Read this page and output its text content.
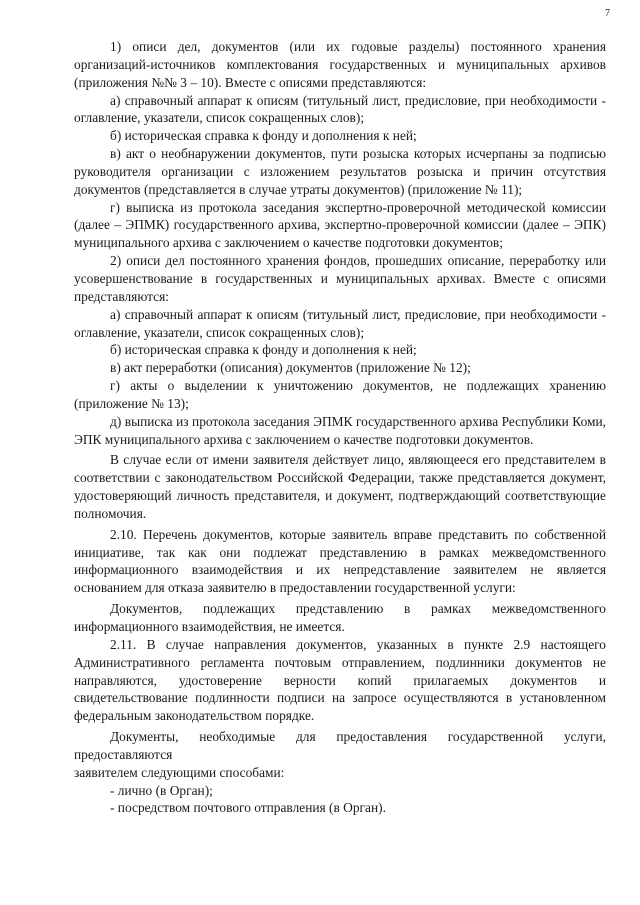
7

1) описи дел, документов (или их годовые разделы) постоянного хранения организаций-источников комплектования государственных и муниципальных архивов (приложения №№ 3 – 10). Вместе с описями представляются:

а) справочный аппарат к описям (титульный лист, предисловие, при необходимости - оглавление, указатели, список сокращенных слов);

б) историческая справка к фонду и дополнения к ней;

в) акт о необнаружении документов, пути розыска которых исчерпаны за подписью руководителя организации с изложением результатов розыска и причин отсутствия документов (представляется в случае утраты документов) (приложение № 11);

г) выписка из протокола заседания экспертно-проверочной методической комиссии (далее – ЭПМК) государственного архива, экспертно-проверочной комиссии (далее – ЭПК) муниципального архива с заключением о качестве подготовки документов;

2) описи дел постоянного хранения фондов, прошедших описание, переработку или усовершенствование в государственных и муниципальных архивах. Вместе с описями представляются:

а) справочный аппарат к описям (титульный лист, предисловие, при необходимости - оглавление, указатели, список сокращенных слов);

б) историческая справка к фонду и дополнения к ней;

в) акт переработки (описания) документов (приложение № 12);

г) акты о выделении к уничтожению документов, не подлежащих хранению (приложение № 13);

д) выписка из протокола заседания ЭПМК государственного архива Республики Коми, ЭПК муниципального архива с заключением о качестве подготовки документов.

В случае если от имени заявителя действует лицо, являющееся его представителем в соответствии с законодательством Российской Федерации, также представляется документ, удостоверяющий личность представителя, и документ, подтверждающий соответствующие полномочия.

2.10. Перечень документов, которые заявитель вправе представить по собственной инициативе, так как они подлежат представлению в рамках межведомственного информационного взаимодействия и их непредставление заявителем не является основанием для отказа заявителю в предоставлении государственной услуги:

Документов, подлежащих представлению в рамках межведомственного информационного взаимодействия, не имеется.

2.11. В случае направления документов, указанных в пункте 2.9 настоящего Административного регламента почтовым отправлением, подлинники документов не направляются, удостоверение верности копий прилагаемых документов и свидетельствование подлинности подписи на запросе осуществляются в установленном федеральным законодательством порядке.

Документы, необходимые для предоставления государственной услуги, предоставляются

заявителем следующими способами:

- лично (в Орган);

- посредством почтового отправления (в Орган).
